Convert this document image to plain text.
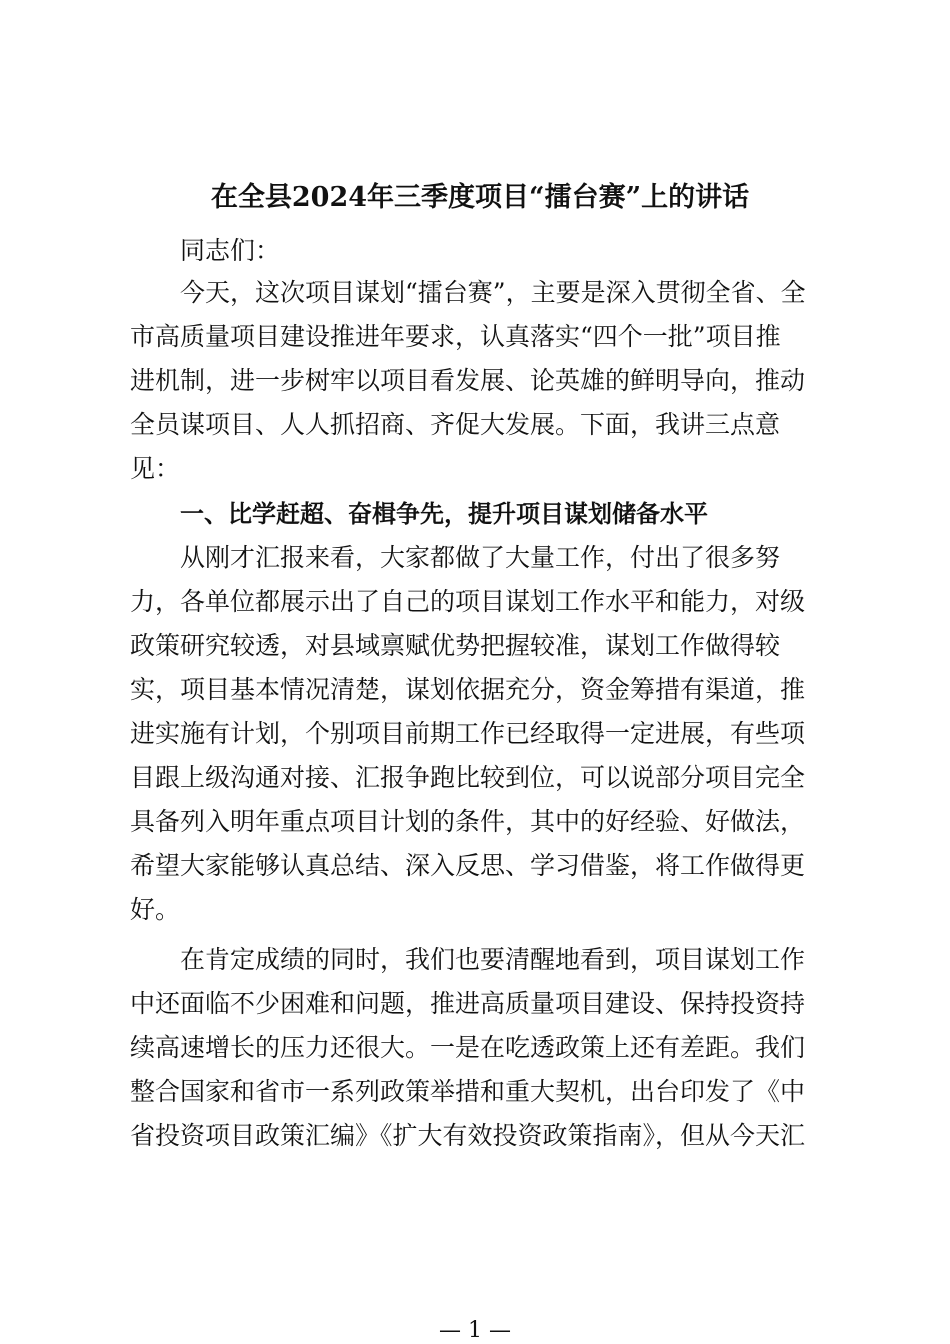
在全县2024年三季度项目“擂台赛”上的讲话
同志们：
今天，这次项目谋划“擂台赛”，主要是深入贯彻全省、全
市高质量项目建设推进年要求，认真落实“四个一批”项目推
进机制，进一步树牢以项目看发展、论英雄的鲜明导向，推动
全员谋项目、人人抓招商、齐促大发展。下面，我讲三点意
见：
一、比学赶超、奋楫争先，提升项目谋划储备水平
从刚才汇报来看，大家都做了大量工作，付出了很多努
力，各单位都展示出了自己的项目谋划工作水平和能力，对级
政策研究较透，对县域禀赋优势把握较准，谋划工作做得较
实，项目基本情况清楚，谋划依据充分，资金筹措有渠道，推
进实施有计划，个别项目前期工作已经取得一定进展，有些项
目跟上级沟通对接、汇报争跑比较到位，可以说部分项目完全
具备列入明年重点项目计划的条件，其中的好经验、好做法，
希望大家能够认真总结、深入反思、学习借鉴，将工作做得更
好。
在肯定成绩的同时，我们也要清醒地看到，项目谋划工作
中还面临不少困难和问题，推进高质量项目建设、保持投资持
续高速增长的压力还很大。一是在吃透政策上还有差距。我们
整合国家和省市一系列政策举措和重大契机，出台印发了《中
省投资项目政策汇编》《扩大有效投资政策指南》，但从今天汇
— 1 —
